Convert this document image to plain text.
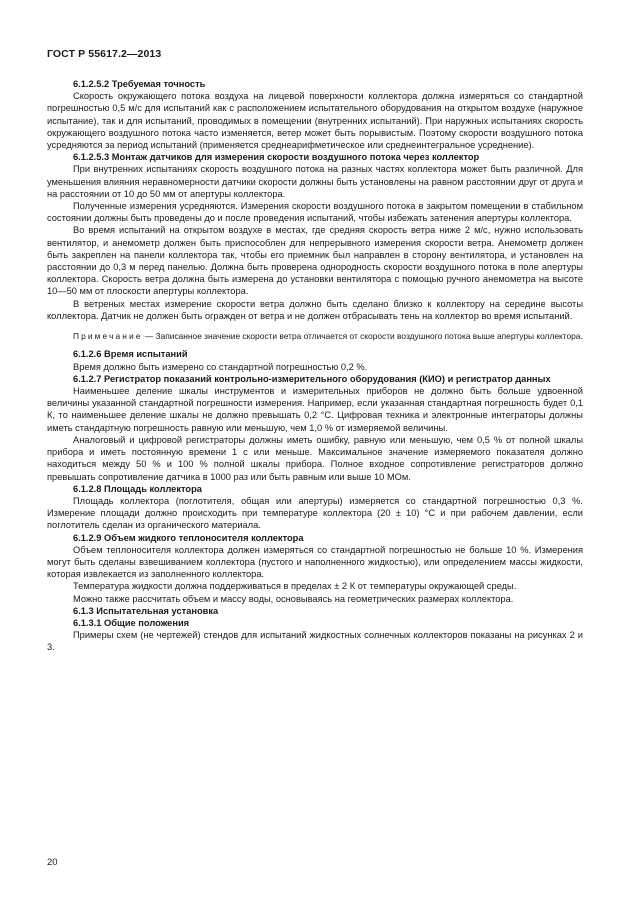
ГОСТ Р 55617.2—2013

6.1.2.5.2 Требуемая точность

Скорость окружающего потока воздуха на лицевой поверхности коллектора должна измеряться со стандартной погрешностью 0,5 м/с для испытаний как с расположением испытательного оборудования на открытом воздухе (наружное испытание), так и для испытаний, проводимых в помещении (внутренних испытаний). При наружных испытаниях скорость окружающего воздушного потока часто изменяется, ветер может быть порывистым. Поэтому скорости воздушного потока усредняются за период испытаний (применяется среднеарифметическое или среднеинтегральное усреднение).

6.1.2.5.3 Монтаж датчиков для измерения скорости воздушного потока через коллектор

При внутренних испытаниях скорость воздушного потока на разных частях коллектора может быть различной. Для уменьшения влияния неравномерности датчики скорости должны быть установлены на равном расстоянии друг от друга и на расстоянии от 10 до 50 мм от апертуры коллектора.

Полученные измерения усредняются. Измерения скорости воздушного потока в закрытом помещении в стабильном состоянии должны быть проведены до и после проведения испытаний, чтобы избежать затенения апертуры коллектора.

Во время испытаний на открытом воздухе в местах, где средняя скорость ветра ниже 2 м/с, нужно использовать вентилятор, и анемометр должен быть приспособлен для непрерывного измерения скорости ветра. Анемометр должен быть закреплен на панели коллектора так, чтобы его приемник был направлен в сторону вентилятора, и установлен на расстоянии до 0,3 м перед панелью. Должна быть проверена однородность скорости воздушного потока в поле апертуры коллектора. Скорость ветра должна быть измерена до установки вентилятора с помощью ручного анемометра на высоте 10—50 мм от плоскости апертуры коллектора.

В ветреных местах измерение скорости ветра должно быть сделано близко к коллектору на середине высоты коллектора. Датчик не должен быть огражден от ветра и не должен отбрасывать тень на коллектор во время испытаний.

Примечание — Записанное значение скорости ветра отличается от скорости воздушного потока выше апертуры коллектора.

6.1.2.6 Время испытаний

Время должно быть измерено со стандартной погрешностью 0,2 %.

6.1.2.7 Регистратор показаний контрольно-измерительного оборудования (КИО) и регистратор данных

Наименьшее деление шкалы инструментов и измерительных приборов не должно быть больше удвоенной величины указанной стандартной погрешности измерения. Например, если указанная стандартная погрешность будет 0,1 К, то наименьшее деление шкалы не должно превышать 0,2 °С. Цифровая техника и электронные интеграторы должны иметь стандартную погрешность равную или меньшую, чем 1,0 % от измеряемой величины.

Аналоговый и цифровой регистраторы должны иметь ошибку, равную или меньшую, чем 0,5 % от полной шкалы прибора и иметь постоянную времени 1 с или меньше. Максимальное значение измеряемого показателя должно находиться между 50 % и 100 % полной шкалы прибора. Полное входное сопротивление регистраторов должно превышать сопротивление датчика в 1000 раз или быть равным или выше 10 МОм.

6.1.2.8 Площадь коллектора

Площадь коллектора (поглотителя, общая или апертуры) измеряется со стандартной погрешностью 0,3 %. Измерение площади должно происходить при температуре коллектора (20 ± 10) °С и при рабочем давлении, если поглотитель сделан из органического материала.

6.1.2.9 Объем жидкого теплоносителя коллектора

Объем теплоносителя коллектора должен измеряться со стандартной погрешностью не больше 10 %. Измерения могут быть сделаны взвешиванием коллектора (пустого и наполненного жидкостью), или определением массы жидкости, которая извлекается из заполненного коллектора.

Температура жидкости должна поддерживаться в пределах ± 2 К от температуры окружающей среды.

Можно также рассчитать объем и массу воды, основываясь на геометрических размерах коллектора.

6.1.3 Испытательная установка

6.1.3.1 Общие положения

Примеры схем (не чертежей) стендов для испытаний жидкостных солнечных коллекторов показаны на рисунках 2 и 3.

20
